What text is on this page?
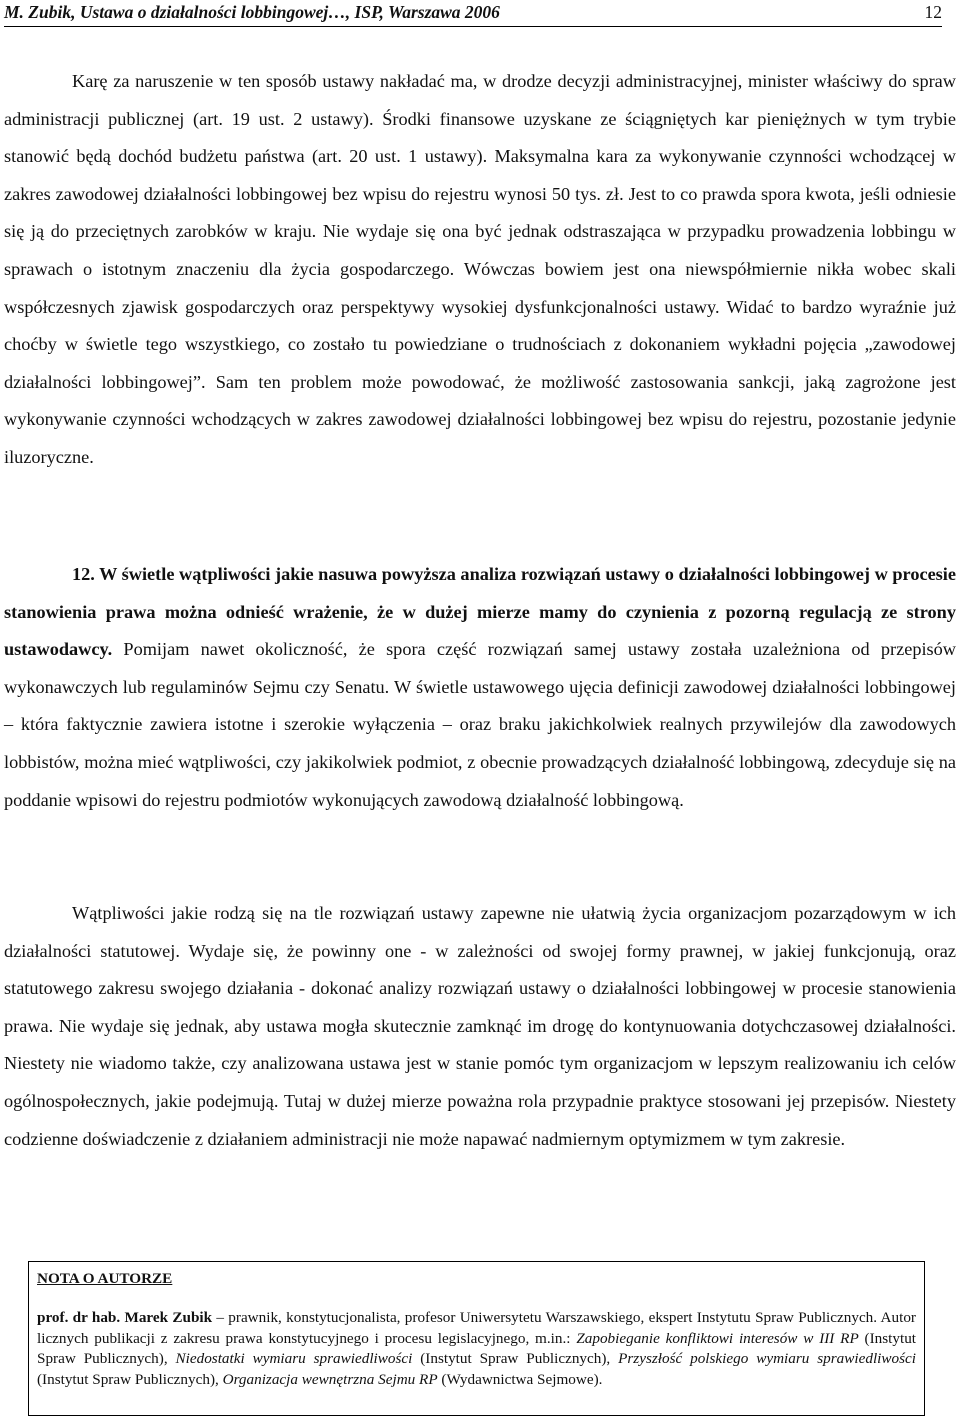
M. Zubik, Ustawa o działalności lobbingowej…, ISP, Warszawa 2006	12

Karę za naruszenie w ten sposób ustawy nakładać ma, w drodze decyzji administracyjnej, minister właściwy do spraw administracji publicznej (art. 19 ust. 2 ustawy). Środki finansowe uzyskane ze ściągniętych kar pieniężnych w tym trybie stanowić będą dochód budżetu państwa (art. 20 ust. 1 ustawy). Maksymalna kara za wykonywanie czynności wchodzącej w zakres zawodowej działalności lobbingowej bez wpisu do rejestru wynosi 50 tys. zł. Jest to co prawda spora kwota, jeśli odniesie się ją do przeciętnych zarobków w kraju. Nie wydaje się ona być jednak odstraszająca w przypadku prowadzenia lobbingu w sprawach o istotnym znaczeniu dla życia gospodarczego. Wówczas bowiem jest ona niewspółmiernie nikła wobec skali współczesnych zjawisk gospodarczych oraz perspektywy wysokiej dysfunkcjonalności ustawy. Widać to bardzo wyraźnie już choćby w świetle tego wszystkiego, co zostało tu powiedziane o trudnościach z dokonaniem wykładni pojęcia „zawodowej działalności lobbingowej”. Sam ten problem może powodować, że możliwość zastosowania sankcji, jaką zagrożone jest wykonywanie czynności wchodzących w zakres zawodowej działalności lobbingowej bez wpisu do rejestru, pozostanie jedynie iluzoryczne.

12. W świetle wątpliwości jakie nasuwa powyższa analiza rozwiązań ustawy o działalności lobbingowej w procesie stanowienia prawa można odnieść wrażenie, że w dużej mierze mamy do czynienia z pozorną regulacją ze strony ustawodawcy. Pomijam nawet okoliczność, że spora część rozwiązań samej ustawy została uzależniona od przepisów wykonawczych lub regulaminów Sejmu czy Senatu. W świetle ustawowego ujęcia definicji zawodowej działalności lobbingowej – która faktycznie zawiera istotne i szerokie wyłączenia – oraz braku jakichkolwiek realnych przywilejów dla zawodowych lobbistów, można mieć wątpliwości, czy jakikolwiek podmiot, z obecnie prowadzących działalność lobbingową, zdecyduje się na poddanie wpisowi do rejestru podmiotów wykonujących zawodową działalność lobbingową.

Wątpliwości jakie rodzą się na tle rozwiązań ustawy zapewne nie ułatwią życia organizacjom pozarządowym w ich działalności statutowej. Wydaje się, że powinny one - w zależności od swojej formy prawnej, w jakiej funkcjonują, oraz statutowego zakresu swojego działania - dokonać analizy rozwiązań ustawy o działalności lobbingowej w procesie stanowienia prawa. Nie wydaje się jednak, aby ustawa mogła skutecznie zamknąć im drogę do kontynuowania dotychczasowej działalności. Niestety nie wiadomo także, czy analizowana ustawa jest w stanie pomóc tym organizacjom w lepszym realizowaniu ich celów ogólnospołecznych, jakie podejmują. Tutaj w dużej mierze poważna rola przypadnie praktyce stosowani jej przepisów. Niestety codzienne doświadczenie z działaniem administracji nie może napawać nadmiernym optymizmem w tym zakresie.

NOTA O AUTORZE

prof. dr hab. Marek Zubik – prawnik, konstytucjonalista, profesor Uniwersytetu Warszawskiego, ekspert Instytutu Spraw Publicznych. Autor licznych publikacji z zakresu prawa konstytucyjnego i procesu legislacyjnego, m.in.: Zapobieganie konfliktowi interesów w III RP (Instytut Spraw Publicznych), Niedostatki wymiaru sprawiedliwości (Instytut Spraw Publicznych), Przyszłość polskiego wymiaru sprawiedliwości (Instytut Spraw Publicznych), Organizacja wewnętrzna Sejmu RP (Wydawnictwa Sejmowe).
